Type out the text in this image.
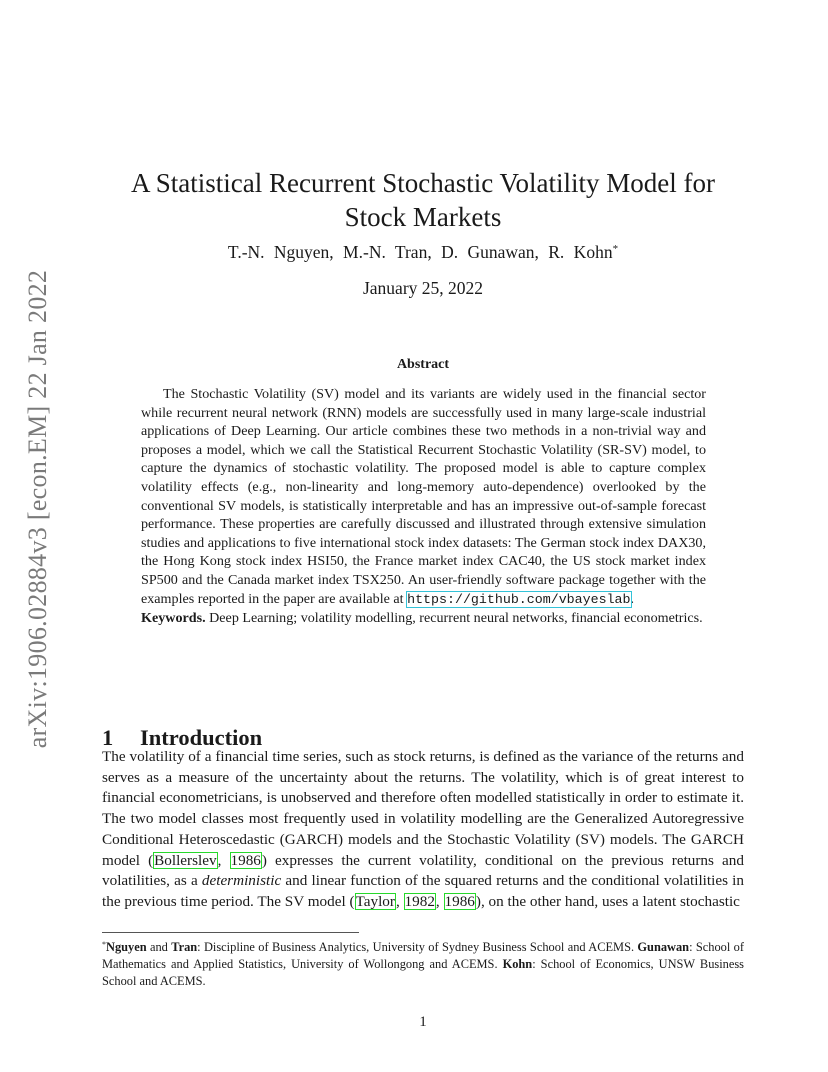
arXiv:1906.02884v3 [econ.EM] 22 Jan 2022
A Statistical Recurrent Stochastic Volatility Model for Stock Markets
T.-N. Nguyen, M.-N. Tran, D. Gunawan, R. Kohn*
January 25, 2022
Abstract

The Stochastic Volatility (SV) model and its variants are widely used in the financial sector while recurrent neural network (RNN) models are successfully used in many large-scale industrial applications of Deep Learning. Our article combines these two methods in a non-trivial way and proposes a model, which we call the Statistical Recurrent Stochastic Volatility (SR-SV) model, to capture the dynamics of stochastic volatility. The proposed model is able to capture complex volatility effects (e.g., non-linearity and long-memory auto-dependence) overlooked by the conventional SV models, is statistically interpretable and has an impressive out-of-sample forecast performance. These properties are carefully discussed and illustrated through extensive simulation studies and applications to five international stock index datasets: The German stock index DAX30, the Hong Kong stock index HSI50, the France market index CAC40, the US stock market index SP500 and the Canada market index TSX250. An user-friendly software package together with the examples reported in the paper are available at https://github.com/vbayeslab.

Keywords. Deep Learning; volatility modelling, recurrent neural networks, financial econometrics.

1 Introduction

The volatility of a financial time series, such as stock returns, is defined as the variance of the returns and serves as a measure of the uncertainty about the returns. The volatility, which is of great interest to financial econometricians, is unobserved and therefore often modelled statistically in order to estimate it. The two model classes most frequently used in volatility modelling are the Generalized Autoregressive Conditional Heteroscedastic (GARCH) models and the Stochastic Volatility (SV) models. The GARCH model (Bollerslev, 1986) expresses the current volatility, conditional on the previous returns and volatilities, as a deterministic and linear function of the squared returns and the conditional volatilities in the previous time period. The SV model (Taylor, 1982, 1986), on the other hand, uses a latent stochastic

*Nguyen and Tran: Discipline of Business Analytics, University of Sydney Business School and ACEMS. Gunawan: School of Mathematics and Applied Statistics, University of Wollongong and ACEMS. Kohn: School of Economics, UNSW Business School and ACEMS.

1
